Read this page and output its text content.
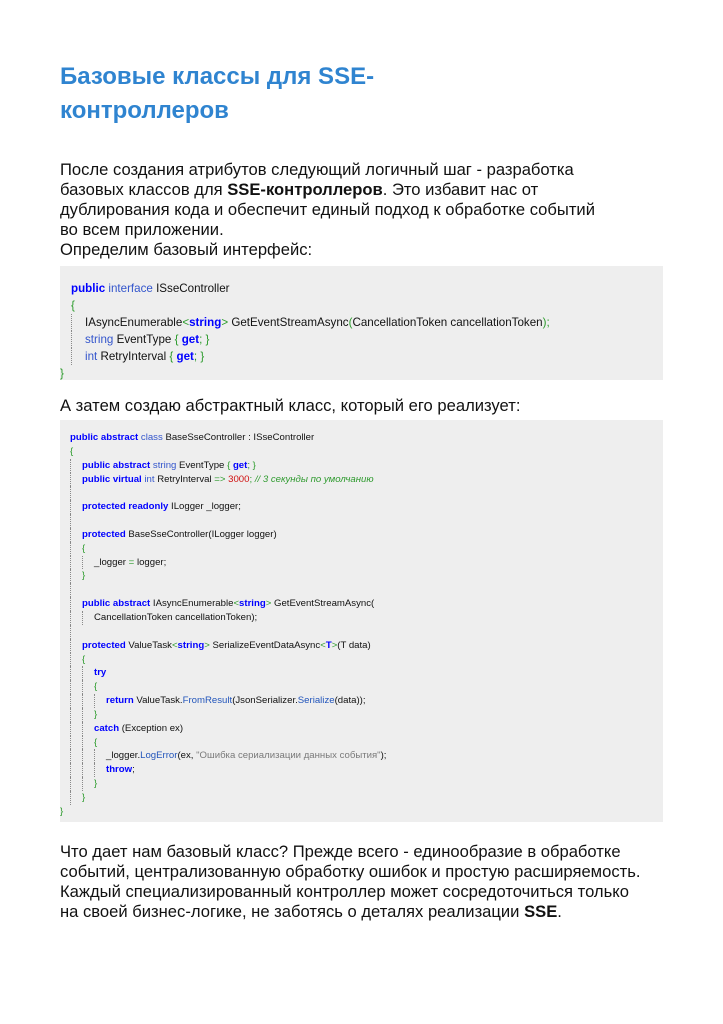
Базовые классы для SSE-
контроллеров

После создания атрибутов следующий логичный шаг - разработка
базовых классов для SSE-контроллеров. Это избавит нас от
дублирования кода и обеспечит единый подход к обработке событий
во всем приложении.
Определим базовый интерфейс:

public interface ISseController
{
IAsyncEnumerable<string> GetEventStreamAsync(CancellationToken cancellationToken);
string EventType { get; }
int RetryInterval { get; }
}

А затем создаю абстрактный класс, который его реализует:

public abstract class BaseSseController : ISseController
{
public abstract string EventType { get; }
public virtual int RetryInterval => 3000; // 3 секунды по умолчанию
protected readonly ILogger _logger;
protected BaseSseController(ILogger logger)
{
_logger = logger;
}
public abstract IAsyncEnumerable<string> GetEventStreamAsync(
CancellationToken cancellationToken);
protected ValueTask<string> SerializeEventDataAsync<T>(T data)
{
try
{
return ValueTask.FromResult(JsonSerializer.Serialize(data));
}
catch (Exception ex)
{
_logger.LogError(ex, "Ошибка сериализации данных события");
throw;
}
}
}

Что дает нам базовый класс? Прежде всего - единообразие в обработке
событий, централизованную обработку ошибок и простую расширяемость.
Каждый специализированный контроллер может сосредоточиться только
на своей бизнес-логике, не заботясь о деталях реализации SSE.
